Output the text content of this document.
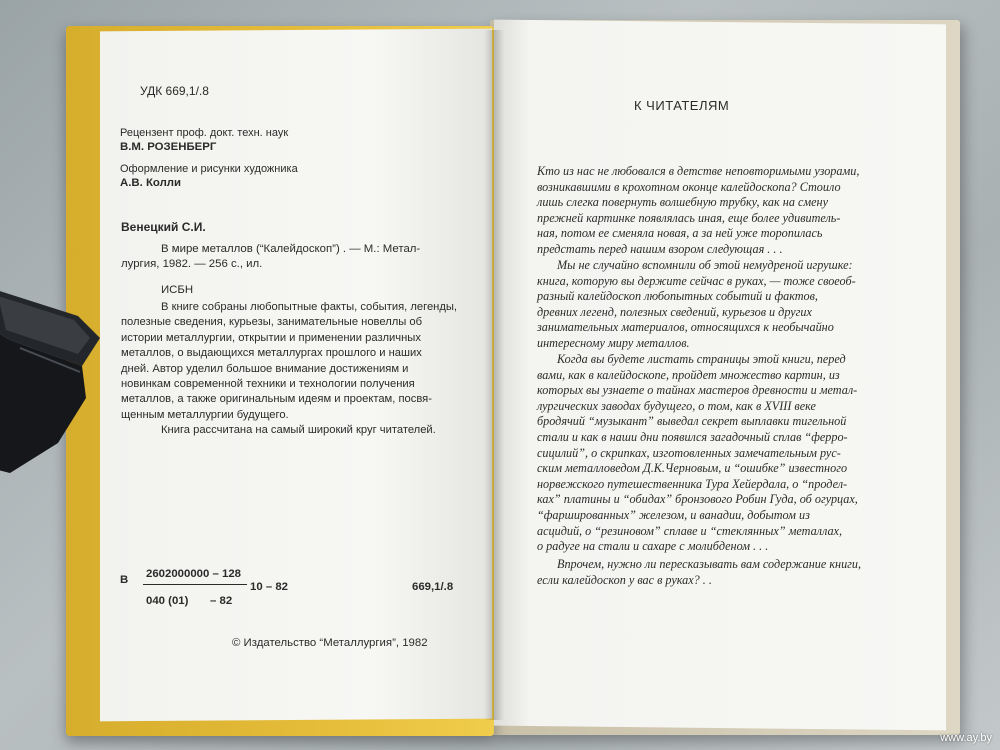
УДК 669,1/.8
Рецензент проф. докт. техн. наук
В.М. РОЗЕНБЕРГ
Оформление и рисунки художника
А.В. Колли
Венецкий С.И.
В мире металлов (“Калейдоскоп”) . — М.: Метал-
лургия, 1982. — 256 с., ил.
ИСБН
В книге собраны любопытные факты, события, легенды,
полезные сведения, курьезы, занимательные новеллы об
истории металлургии, открытии и применении различных
металлов, о выдающихся металлургах прошлого и наших
дней. Автор уделил большое внимание достижениям и
новинкам современной техники и технологии получения
металлов, а также оригинальным идеям и проектам, посвя-
щенным металлургии будущего.
Книга рассчитана на самый широкий круг читателей.
В 2602000000 – 128
040 (01) – 82
10 – 82	669,1/.8
© Издательство “Металлургия”, 1982
К ЧИТАТЕЛЯМ
Кто из нас не любовался в детстве неповторимыми узорами,
возникавшими в крохотном оконце калейдоскопа? Стоило
лишь слегка повернуть волшебную трубку, как на смену
прежней картинке появлялась иная, еще более удивитель-
ная, потом ее сменяла новая, а за ней уже торопилась
предстать перед нашим взором следующая . . .
Мы не случайно вспомнили об этой немудреной игрушке:
книга, которую вы держите сейчас в руках, — тоже своеоб-
разный калейдоскоп любопытных событий и фактов,
древних легенд, полезных сведений, курьезов и других
занимательных материалов, относящихся к необычайно
интересному миру металлов.
Когда вы будете листать страницы этой книги, перед
вами, как в калейдоскопе, пройдет множество картин, из
которых вы узнаете о тайнах мастеров древности и метал-
лургических заводах будущего, о том, как в XVIII веке
бродячий “музыкант” выведал секрет выплавки тигельной
стали и как в наши дни появился загадочный сплав “ферро-
сицилий”, о скрипках, изготовленных замечательным рус-
ским металловедом Д.К.Черновым, и “ошибке” известного
норвежского путешественника Тура Хейердала, о “продел-
ках” платины и “обидах” бронзового Робин Гуда, об огурцах,
“фаршированных” железом, и ванадии, добытом из
асцидий, о “резиновом” сплаве и “стеклянных” металлах,
о радуге на стали и сахаре с молибденом . . .
Впрочем, нужно ли пересказывать вам содержание книги,
если калейдоскоп у вас в руках? . .
www.ay.by
